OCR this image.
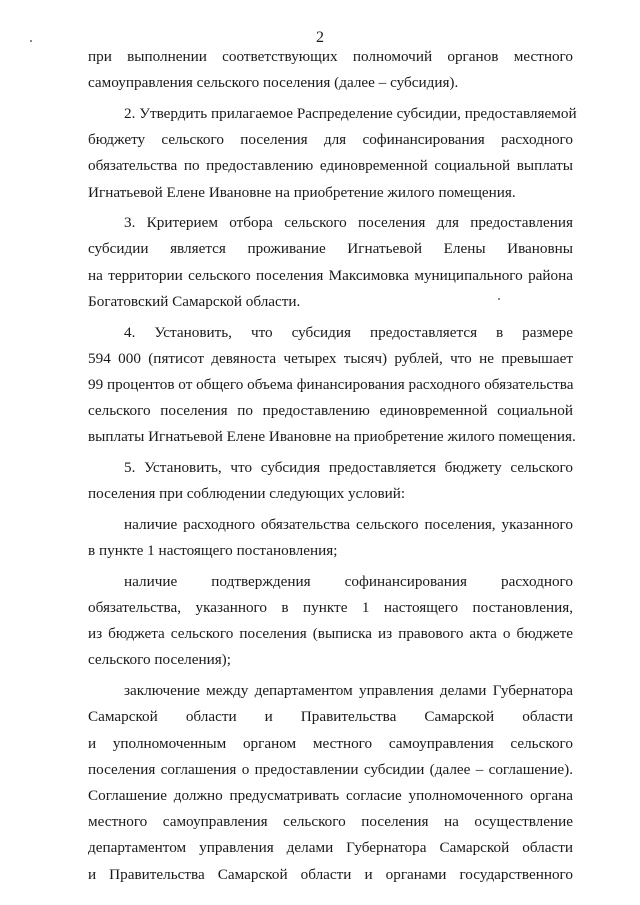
2

при выполнении соответствующих полномочий органов местного
самоуправления сельского поселения (далее – субсидия).

2. Утвердить прилагаемое Распределение субсидии, предоставляемой
бюджету сельского поселения для софинансирования расходного
обязательства по предоставлению единовременной социальной выплаты
Игнатьевой Елене Ивановне на приобретение жилого помещения.

3. Критерием отбора сельского поселения для предоставления
субсидии является проживание Игнатьевой Елены Ивановны
на территории сельского поселения Максимовка муниципального района
Богатовский Самарской области.

4. Установить, что субсидия предоставляется в размере
594 000 (пятисот девяноста четырех тысяч) рублей, что не превышает
99 процентов от общего объема финансирования расходного обязательства
сельского поселения по предоставлению единовременной социальной
выплаты Игнатьевой Елене Ивановне на приобретение жилого помещения.

5. Установить, что субсидия предоставляется бюджету сельского
поселения при соблюдении следующих условий:

наличие расходного обязательства сельского поселения, указанного
в пункте 1 настоящего постановления;

наличие подтверждения софинансирования расходного
обязательства, указанного в пункте 1 настоящего постановления,
из бюджета сельского поселения (выписка из правового акта о бюджете
сельского поселения);

заключение между департаментом управления делами Губернатора
Самарской области и Правительства Самарской области
и уполномоченным органом местного самоуправления сельского
поселения соглашения о предоставлении субсидии (далее – соглашение).
Соглашение должно предусматривать согласие уполномоченного органа
местного самоуправления сельского поселения на осуществление
департаментом управления делами Губернатора Самарской области
и Правительства Самарской области и органами государственного
